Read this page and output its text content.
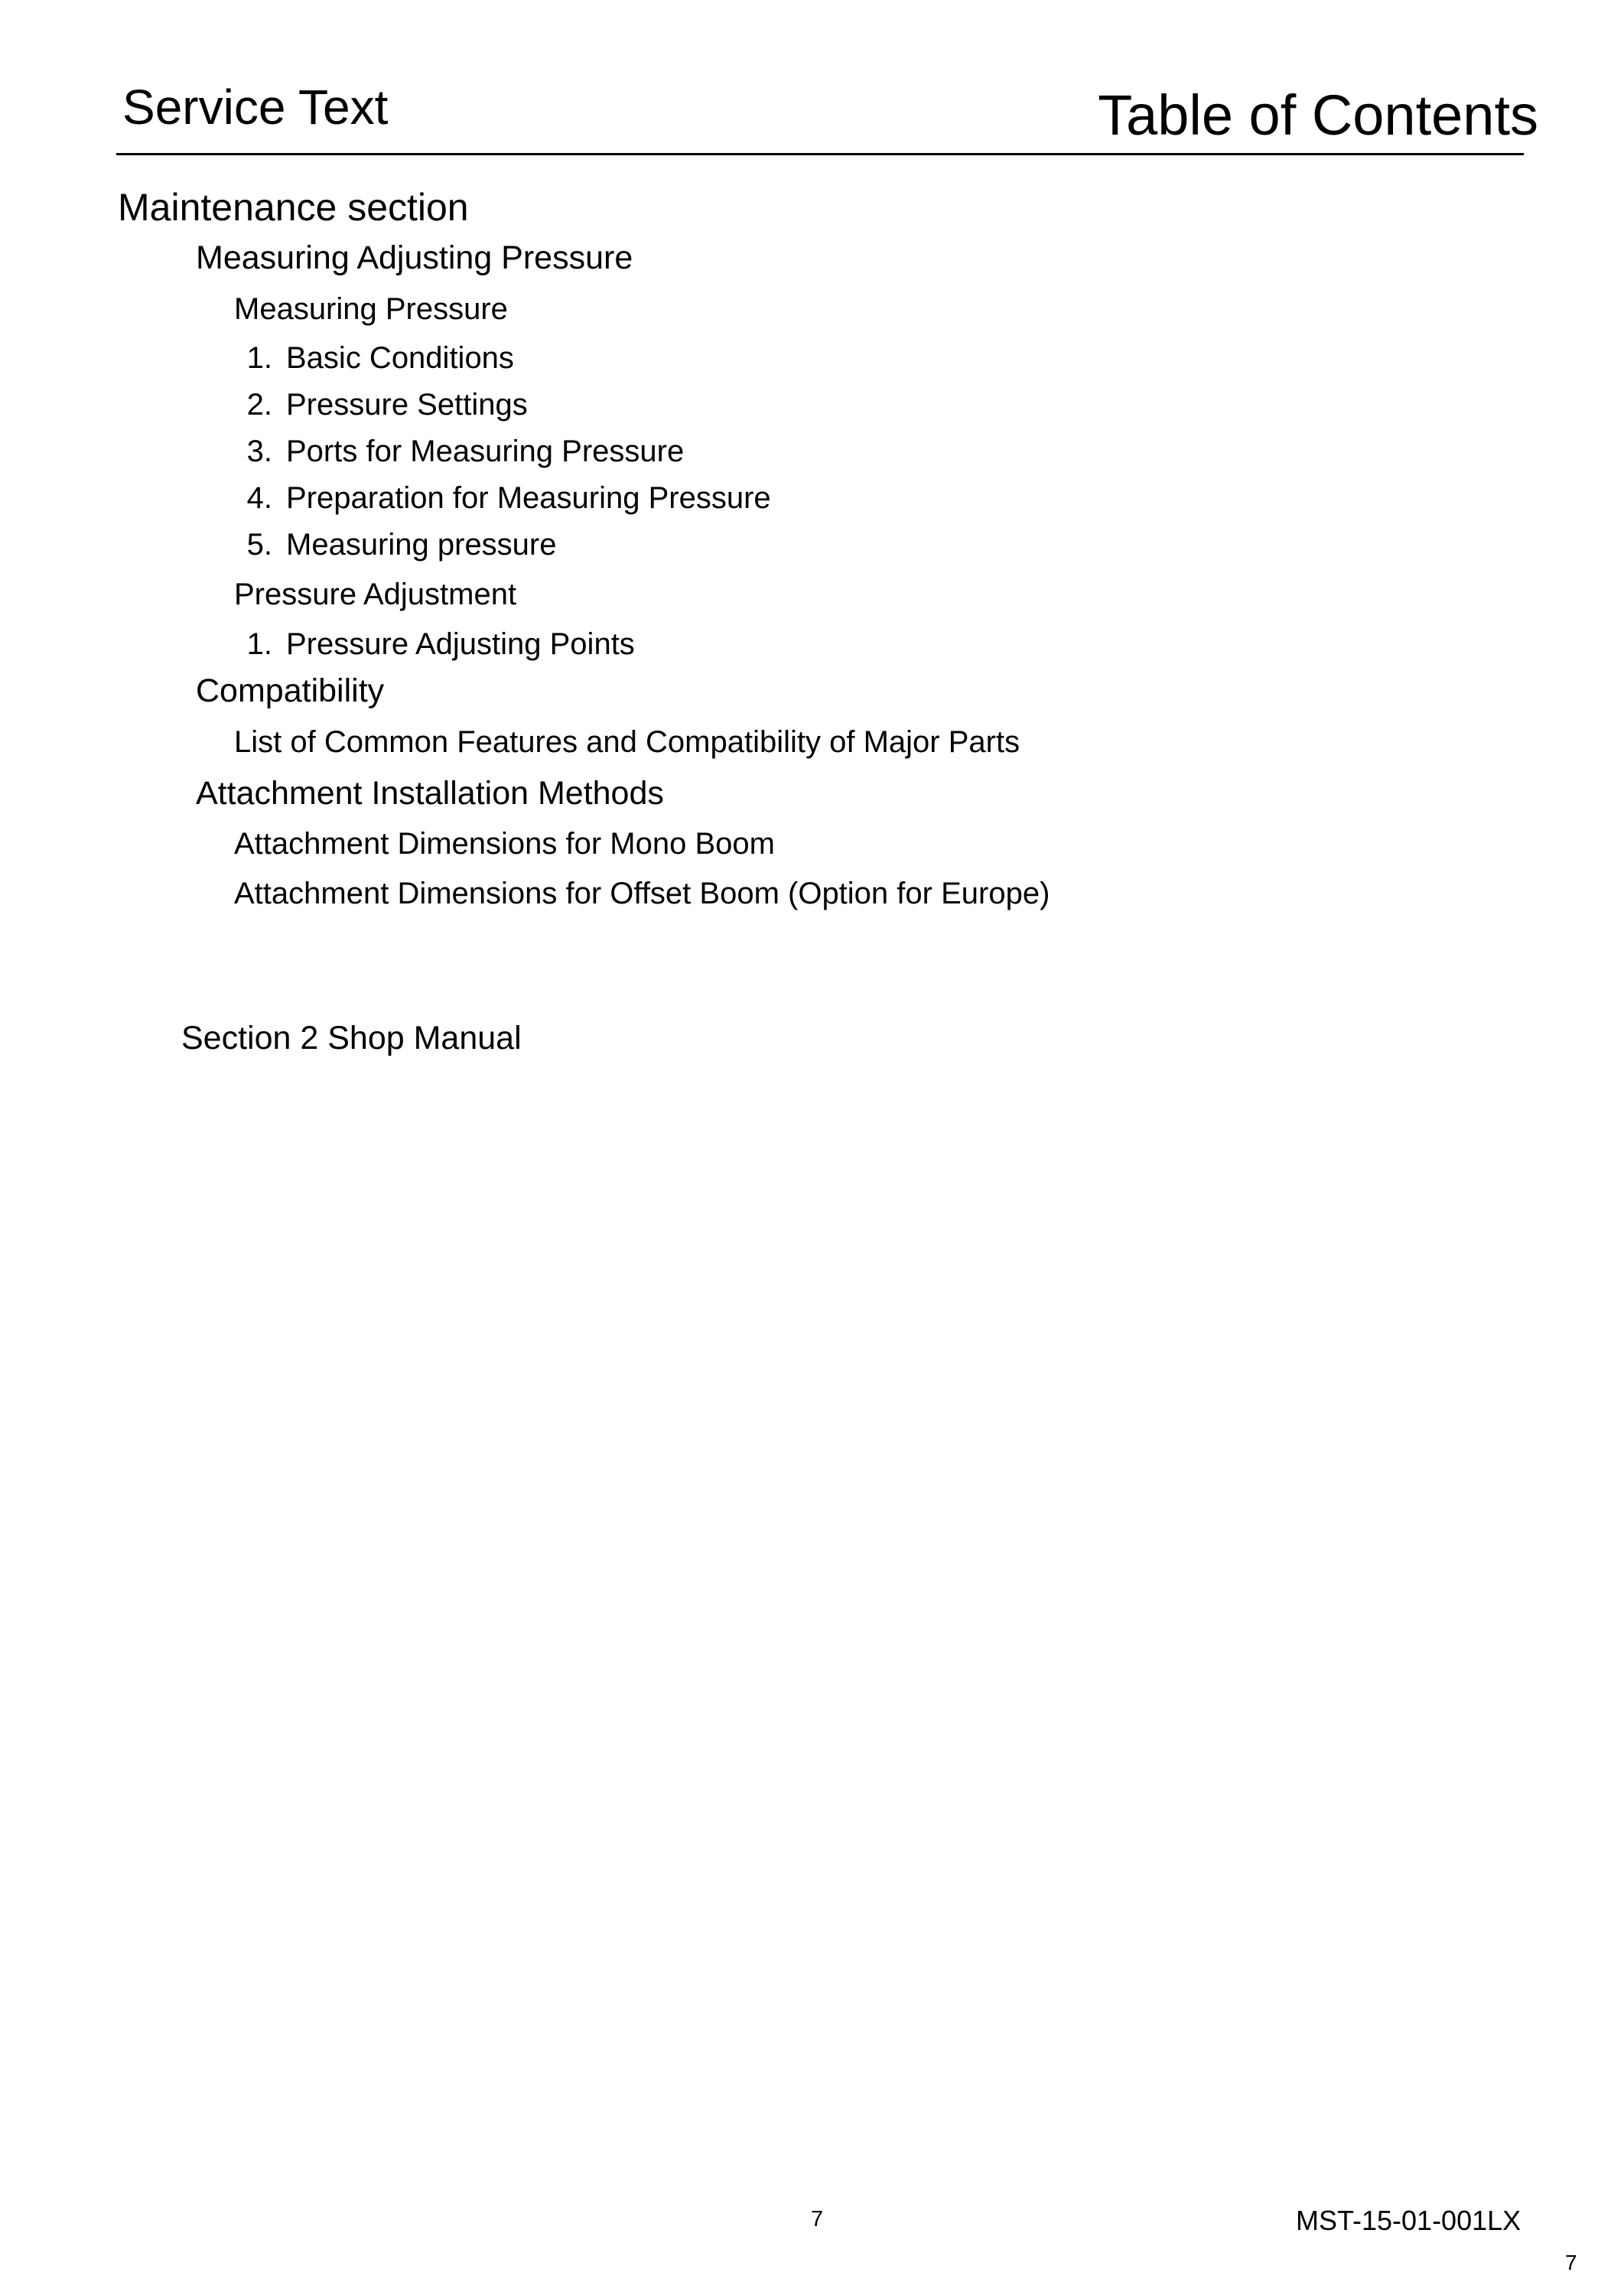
Service Text	Table of Contents
Maintenance section
Measuring Adjusting Pressure
Measuring Pressure
1. Basic Conditions
2. Pressure Settings
3. Ports for Measuring Pressure
4. Preparation for Measuring Pressure
5. Measuring pressure
Pressure Adjustment
1. Pressure Adjusting Points
Compatibility
List of Common Features and Compatibility of Major Parts
Attachment Installation Methods
Attachment Dimensions for Mono Boom
Attachment Dimensions for Offset Boom (Option for Europe)
Section 2 Shop Manual
7	MST-15-01-001LX
7
